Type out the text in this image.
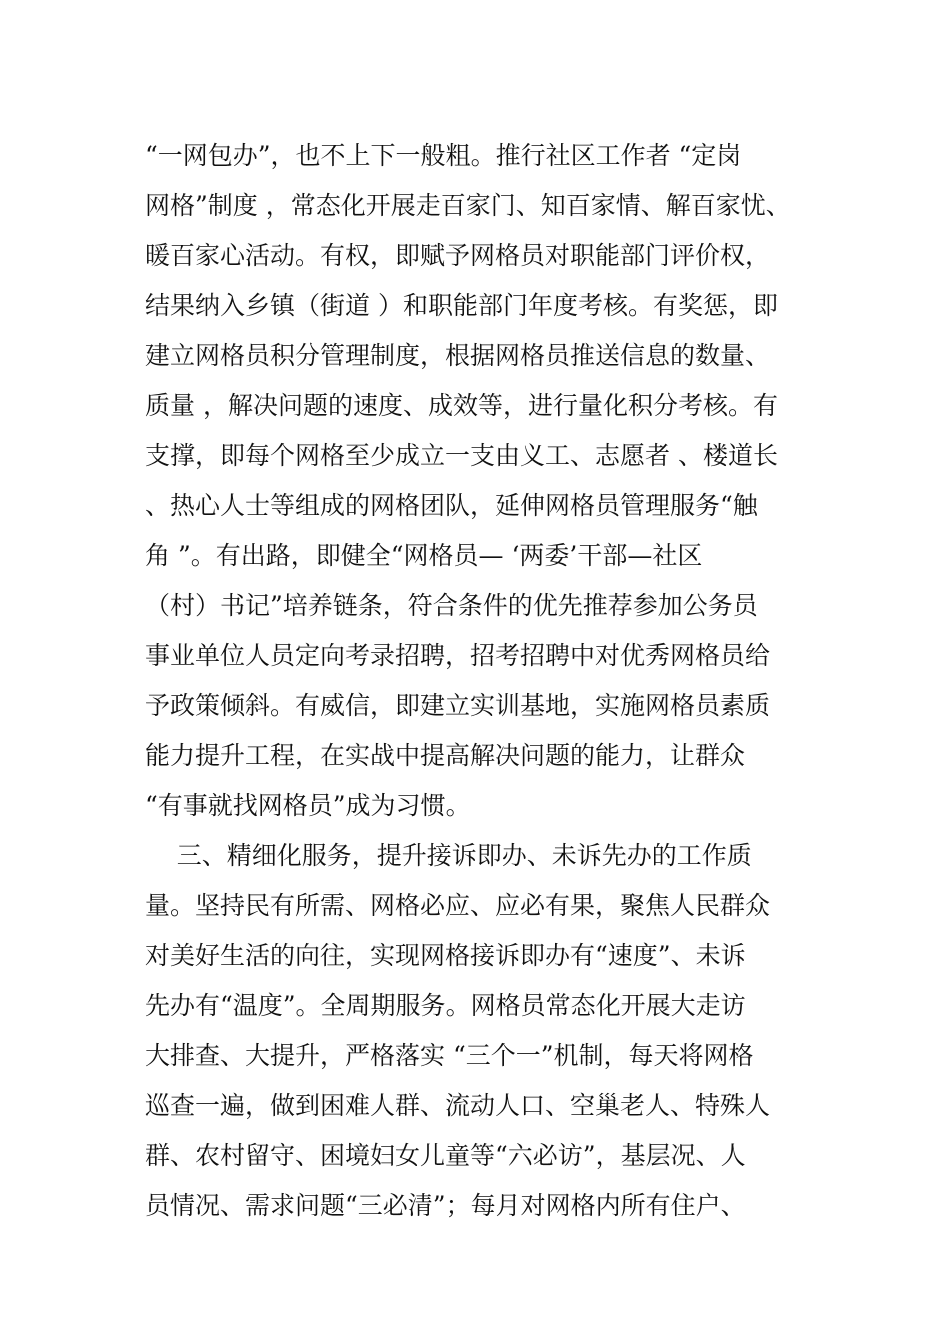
“一网包办”，也不上下一般粗。推行社区工作者 “定岗
网格”制度 ，常态化开展走百家门、知百家情、解百家忧、
暖百家心活动。有权，即赋予网格员对职能部门评价权，
结果纳入乡镇（街道 ）和职能部门年度考核。有奖惩，即
建立网格员积分管理制度，根据网格员推送信息的数量、
质量 ，解决问题的速度、成效等，进行量化积分考核。有
支撑，即每个网格至少成立一支由义工、志愿者 、楼道长
、热心人士等组成的网格团队，延伸网格员管理服务“触
角 ”。有出路，即健全“网格员— ‘两委’干部—社区
（村）书记”培养链条，符合条件的优先推荐参加公务员
事业单位人员定向考录招聘，招考招聘中对优秀网格员给
予政策倾斜。有威信，即建立实训基地，实施网格员素质
能力提升工程，在实战中提高解决问题的能力，让群众
“有事就找网格员”成为习惯。
三、精细化服务，提升接诉即办、未诉先办的工作质
量。坚持民有所需、网格必应、应必有果，聚焦人民群众
对美好生活的向往，实现网格接诉即办有“速度”、未诉
先办有“温度”。全周期服务。网格员常态化开展大走访
大排查、大提升，严格落实 “三个一”机制，每天将网格
巡查一遍，做到困难人群、流动人口、空巢老人、特殊人
群、农村留守、困境妇女儿童等“六必访”，基层况、人
员情况、需求问题“三必清”；每月对网格内所有住户、
